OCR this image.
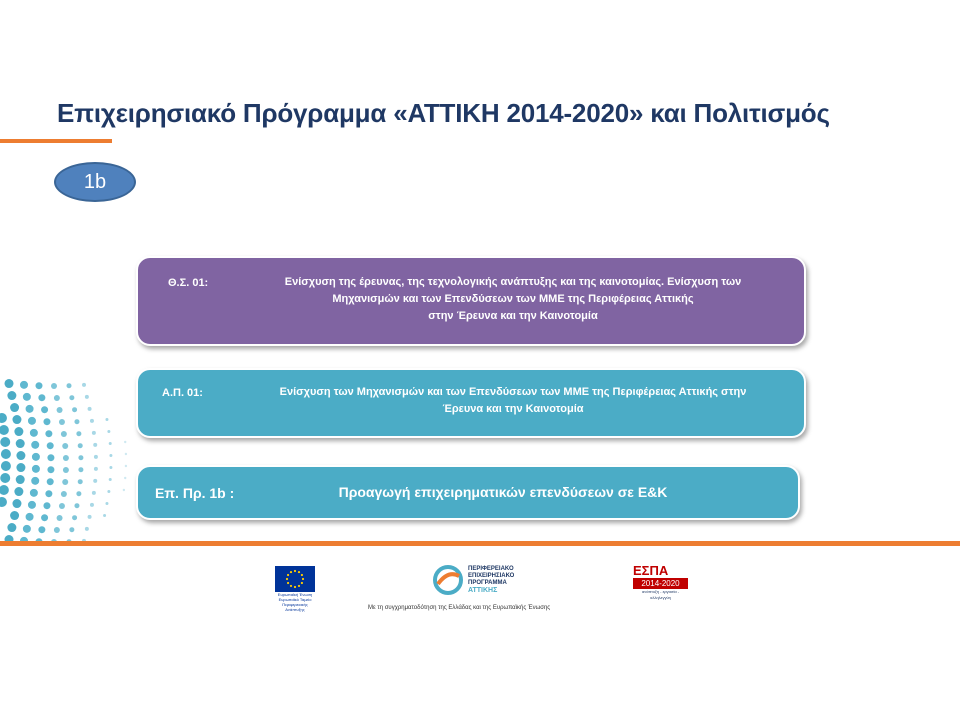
Επιχειρησιακό Πρόγραμμα «ΑΤΤΙΚΗ 2014-2020» και Πολιτισμός
1b
Θ.Σ. 01:	Ενίσχυση της έρευνας, της τεχνολογικής ανάπτυξης και της καινοτομίας. Ενίσχυση των
Μηχανισμών και των Επενδύσεων των ΜΜΕ της Περιφέρειας Αττικής
στην Έρευνα και την Καινοτομία
Α.Π. 01:	Ενίσχυση των Μηχανισμών και των Επενδύσεων των ΜΜΕ της Περιφέρειας Αττικής στην
Έρευνα και την Καινοτομία
Επ. Πρ. 1b :	Προαγωγή επιχειρηματικών επενδύσεων σε Ε&Κ
Ευρωπαϊκή Ένωση
Ευρωπαϊκό Ταμείο
Περιφερειακής Ανάπτυξης
ΠΕΡΙΦΕΡΕΙΑΚΟ
ΕΠΙΧΕΙΡΗΣΙΑΚΟ
ΠΡΟΓΡΑΜΜΑ
ΑΤΤΙΚΗΣ
ΕΣΠΑ
2014-2020
ανάπτυξη - εργασία - αλληλεγγύη
Με τη συγχρηματοδότηση της Ελλάδας και της Ευρωπαϊκής Ένωσης
